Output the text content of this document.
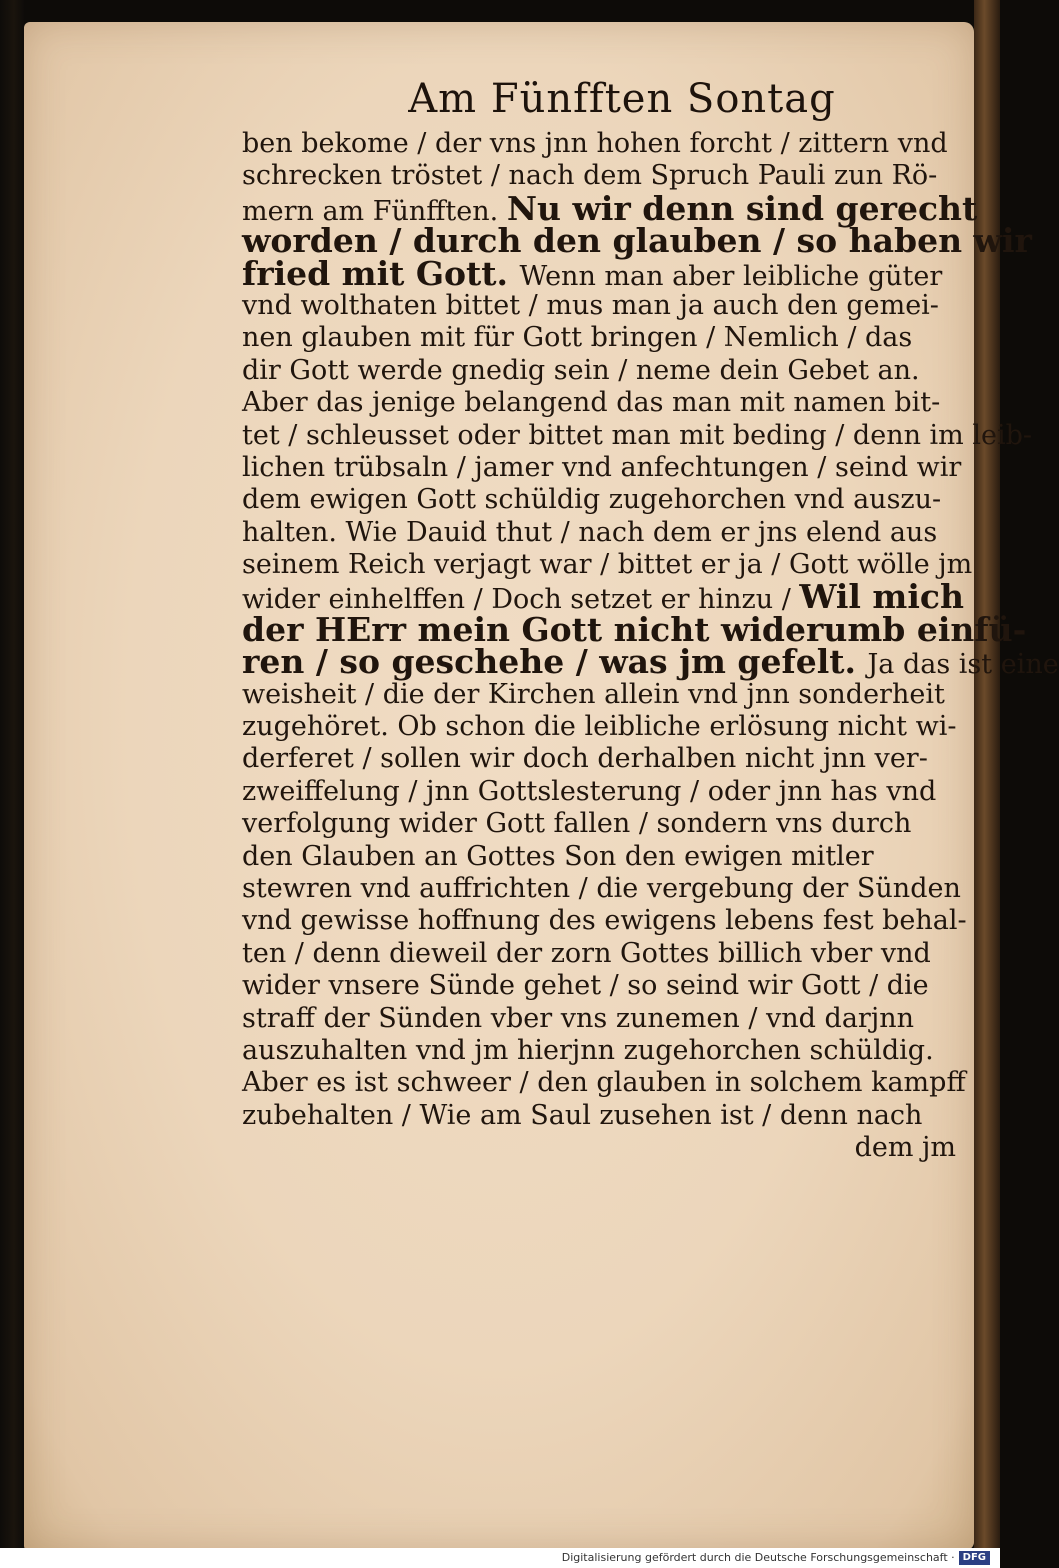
Am Fünfften Sontag
ben bekome / der vns jnn hohen forcht / zittern vnd
schrecken tröstet / nach dem Spruch Pauli zun Rö-
mern am Fünfften. Nu wir denn sind gerecht
worden / durch den glauben / so haben wir
fried mit Gott. Wenn man aber leibliche güter
vnd wolthaten bittet / mus man ja auch den gemei-
nen glauben mit für Gott bringen / Nemlich / das
dir Gott werde gnedig sein / neme dein Gebet an.
Aber das jenige belangend das man mit namen bit-
tet / schleusset oder bittet man mit beding / denn im leib-
lichen trübsaln / jamer vnd anfechtungen / seind wir
dem ewigen Gott schüldig zugehorchen vnd auszu-
halten. Wie Dauid thut / nach dem er jns elend aus
seinem Reich verjagt war / bittet er ja / Gott wölle jm
wider einhelffen / Doch setzet er hinzu / Wil mich
der HErr mein Gott nicht widerumb einfü-
ren / so geschehe / was jm gefelt. Ja das ist eine
weisheit / die der Kirchen allein vnd jnn sonderheit
zugehöret. Ob schon die leibliche erlösung nicht wi-
derferet / sollen wir doch derhalben nicht jnn ver-
zweiffelung / jnn Gottslesterung / oder jnn has vnd
verfolgung wider Gott fallen / sondern vns durch
den Glauben an Gottes Son den ewigen mitler
stewren vnd auffrichten / die vergebung der Sünden
vnd gewisse hoffnung des ewigens lebens fest behal-
ten / denn dieweil der zorn Gottes billich vber vnd
wider vnsere Sünde gehet / so seind wir Gott / die
straff der Sünden vber vns zunemen / vnd darjnn
auszuhalten vnd jm hierjnn zugehorchen schüldig.
Aber es ist schweer / den glauben in solchem kampff
zubehalten / Wie am Saul zusehen ist / denn nach
dem jm
Digitalisierung gefördert durch die Deutsche Forschungsgemeinschaft · DFG
